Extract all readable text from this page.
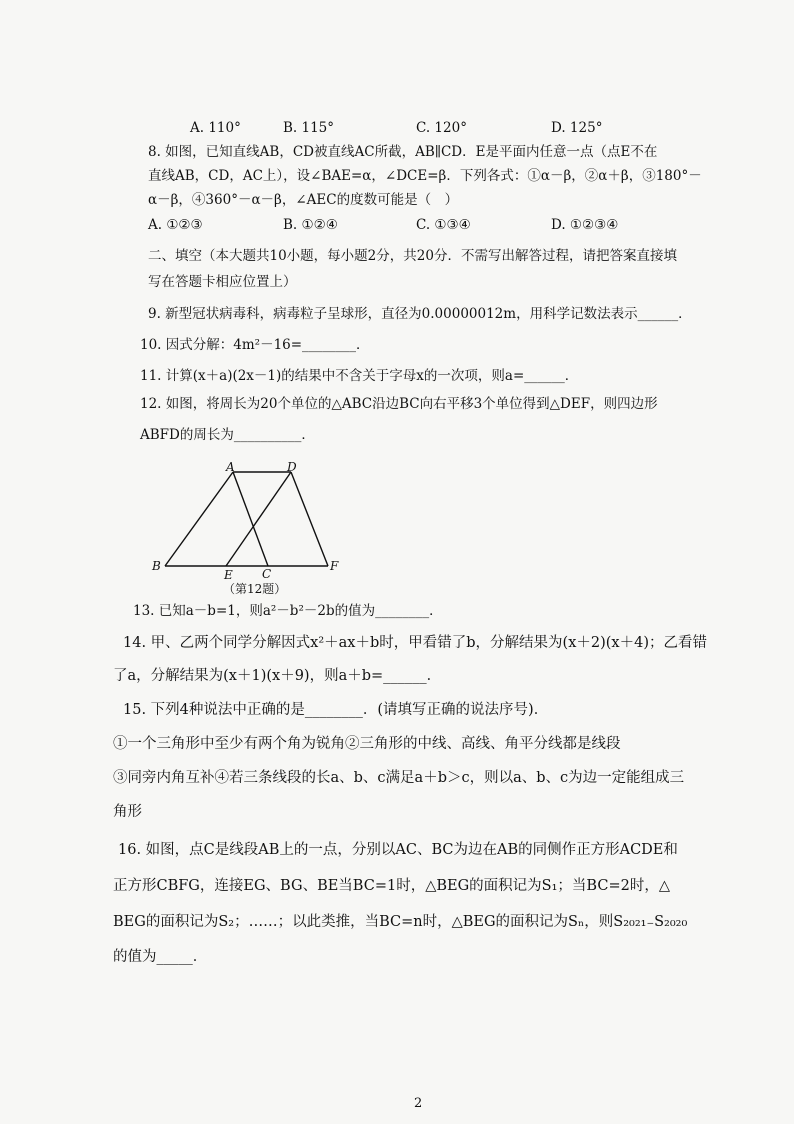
A. 110°	B. 115°	C. 120°	D. 125°
8. 如图，已知直线AB，CD被直线AC所截，AB∥CD．E是平面内任意一点（点E不在
直线AB，CD，AC上），设∠BAE=α，∠DCE=β．下列各式：①α－β，②α＋β，③180°－
α－β，④360°－α－β，∠AEC的度数可能是（　）
A. ①②③	B. ①②④	C. ①③④	D. ①②③④
二、填空（本大题共10小题，每小题2分，共20分．不需写出解答过程，请把答案直接填
写在答题卡相应位置上）
9. 新型冠状病毒科，病毒粒子呈球形，直径为0.00000012m，用科学记数法表示______．
10. 因式分解：4m²－16=________．
11. 计算(x＋a)(2x－1)的结果中不含关于字母x的一次项，则a=______．
12. 如图，将周长为20个单位的△ABC沿边BC向右平移3个单位得到△DEF，则四边形
ABFD的周长为__________．
A	D
B
E C
F
（第12题）
13. 已知a－b=1，则a²－b²－2b的值为________．
14. 甲、乙两个同学分解因式x²＋ax＋b时，甲看错了b，分解结果为(x＋2)(x＋4)；乙看错
了a，分解结果为(x＋1)(x＋9)，则a＋b=______．
15. 下列4种说法中正确的是________．(请填写正确的说法序号)．
①一个三角形中至少有两个角为锐角②三角形的中线、高线、角平分线都是线段
③同旁内角互补④若三条线段的长a、b、c满足a＋b＞c，则以a、b、c为边一定能组成三
角形
16. 如图，点C是线段AB上的一点，分别以AC、BC为边在AB的同侧作正方形ACDE和
正方形CBFG，连接EG、BG、BE当BC=1时，△BEG的面积记为S₁；当BC=2时，△
BEG的面积记为S₂；……；以此类推，当BC=n时，△BEG的面积记为Sₙ，则S₂₀₂₁₋S₂₀₂₀
的值为_____．
2
